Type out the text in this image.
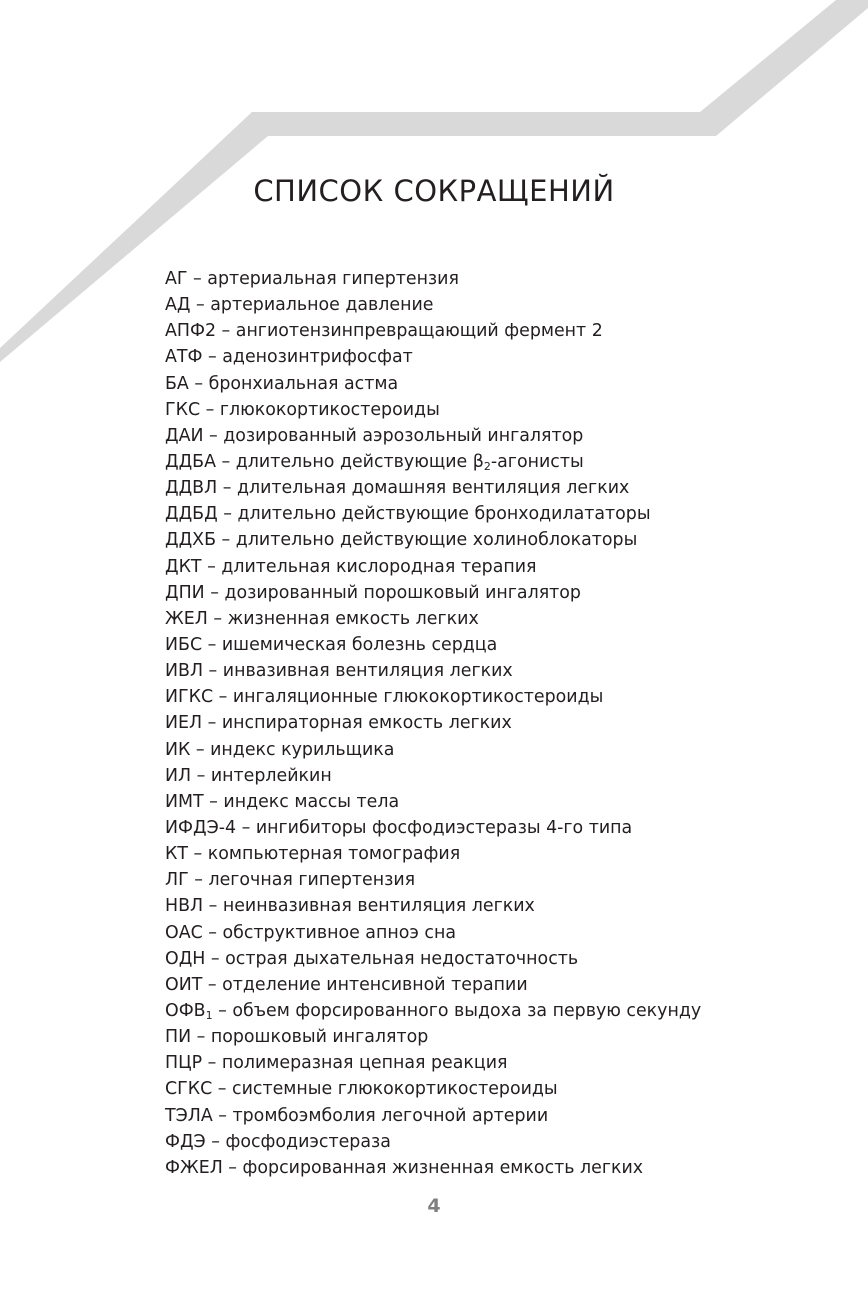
СПИСОК СОКРАЩЕНИЙ
АГ – артериальная гипертензия
АД – артериальное давление
АПФ2 – ангиотензинпревращающий фермент 2
АТФ – аденозинтрифосфат
БА – бронхиальная астма
ГКС – глюкокортикостероиды
ДАИ – дозированный аэрозольный ингалятор
ДДБА – длительно действующие $\beta_2$-агонисты
ДДВЛ – длительная домашняя вентиляция легких
ДДБД – длительно действующие бронходилататоры
ДДХБ – длительно действующие холиноблокаторы
ДКТ – длительная кислородная терапия
ДПИ – дозированный порошковый ингалятор
ЖЕЛ – жизненная емкость легких
ИБС – ишемическая болезнь сердца
ИВЛ – инвазивная вентиляция легких
ИГКС – ингаляционные глюкокортикостероиды
ИЕЛ – инспираторная емкость легких
ИК – индекс курильщика
ИЛ – интерлейкин
ИМТ – индекс массы тела
ИФДЭ-4 – ингибиторы фосфодиэстеразы 4-го типа
КТ – компьютерная томография
ЛГ – легочная гипертензия
НВЛ – неинвазивная вентиляция легких
ОАС – обструктивное апноэ сна
ОДН – острая дыхательная недостаточность
ОИТ – отделение интенсивной терапии
$ОФВ_1$ – объем форсированного выдоха за первую секунду
ПИ – порошковый ингалятор
ПЦР – полимеразная цепная реакция
СГКС – системные глюкокортикостероиды
ТЭЛА – тромбоэмболия легочной артерии
ФДЭ – фосфодиэстераза
ФЖЕЛ – форсированная жизненная емкость легких
4
